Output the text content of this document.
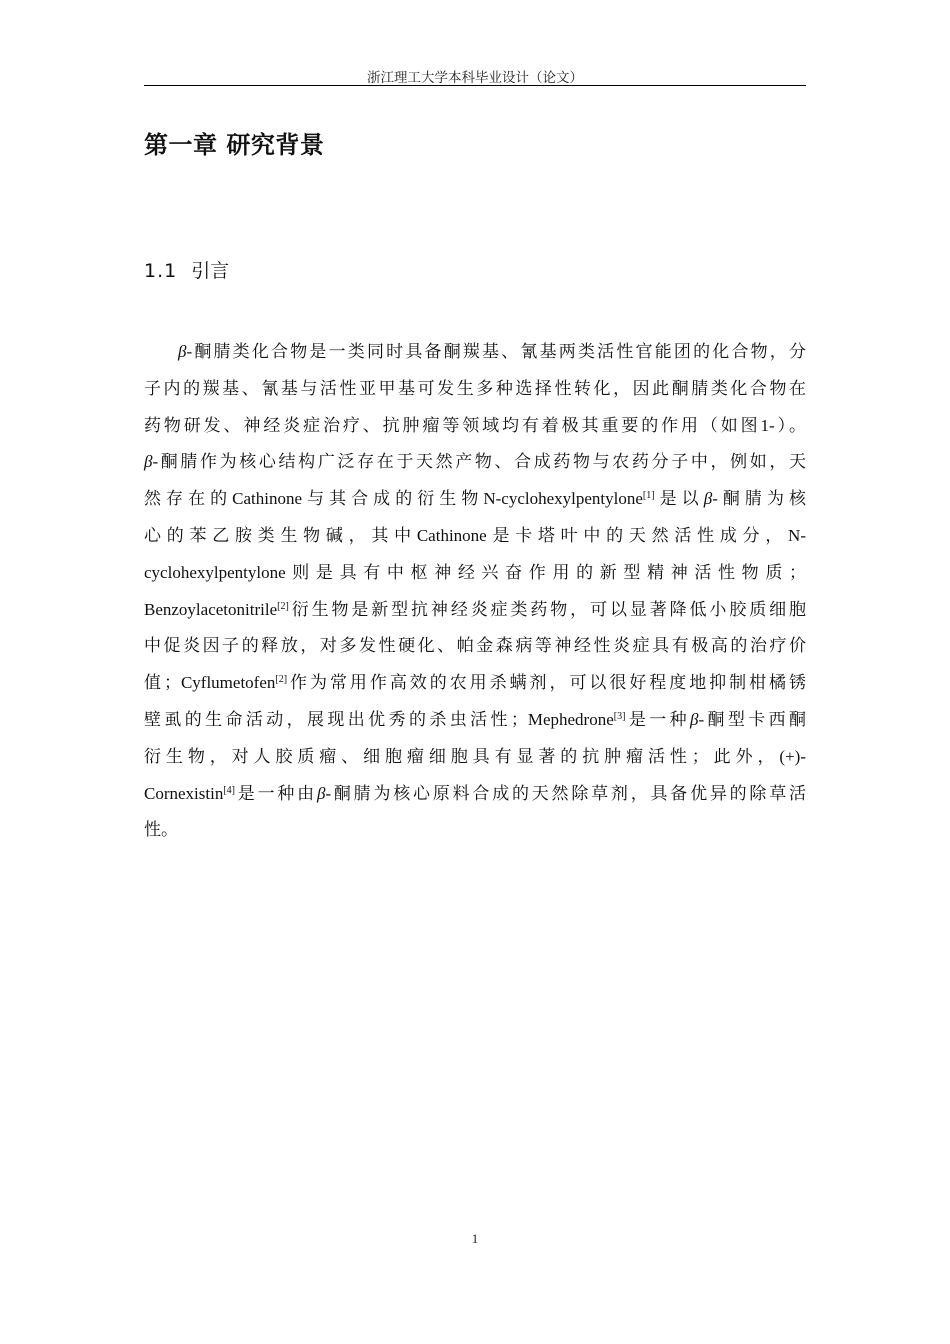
浙江理工大学本科毕业设计（论文）
第一章 研究背景
1.1 引言

β-酮腈类化合物是一类同时具备酮羰基、氰基两类活性官能团的化合物，分
子内的羰基、氰基与活性亚甲基可发生多种选择性转化，因此酮腈类化合物在
药物研发、神经炎症治疗、抗肿瘤等领域均有着极其重要的作用（如图1-）。
β-酮腈作为核心结构广泛存在于天然产物、合成药物与农药分子中，例如，天
然存在的Cathinone与其合成的衍生物N-cyclohexylpentylone[1]是以β-酮腈为核
心的苯乙胺类生物碱，其中Cathinone是卡塔叶中的天然活性成分，N-
cyclohexylpentylone则是具有中枢神经兴奋作用的新型精神活性物质；
Benzoylacetonitrile[2]衍生物是新型抗神经炎症类药物，可以显著降低小胶质细胞
中促炎因子的释放，对多发性硬化、帕金森病等神经性炎症具有极高的治疗价
值；Cyflumetofen[2]作为常用作高效的农用杀螨剂，可以很好程度地抑制柑橘锈
壁虱的生命活动，展现出优秀的杀虫活性；Mephedrone[3]是一种β-酮型卡西酮
衍生物，对人胶质瘤、细胞瘤细胞具有显著的抗肿瘤活性；此外，(+)-
Cornexistin[4]是一种由β-酮腈为核心原料合成的天然除草剂，具备优异的除草活
性。

1
